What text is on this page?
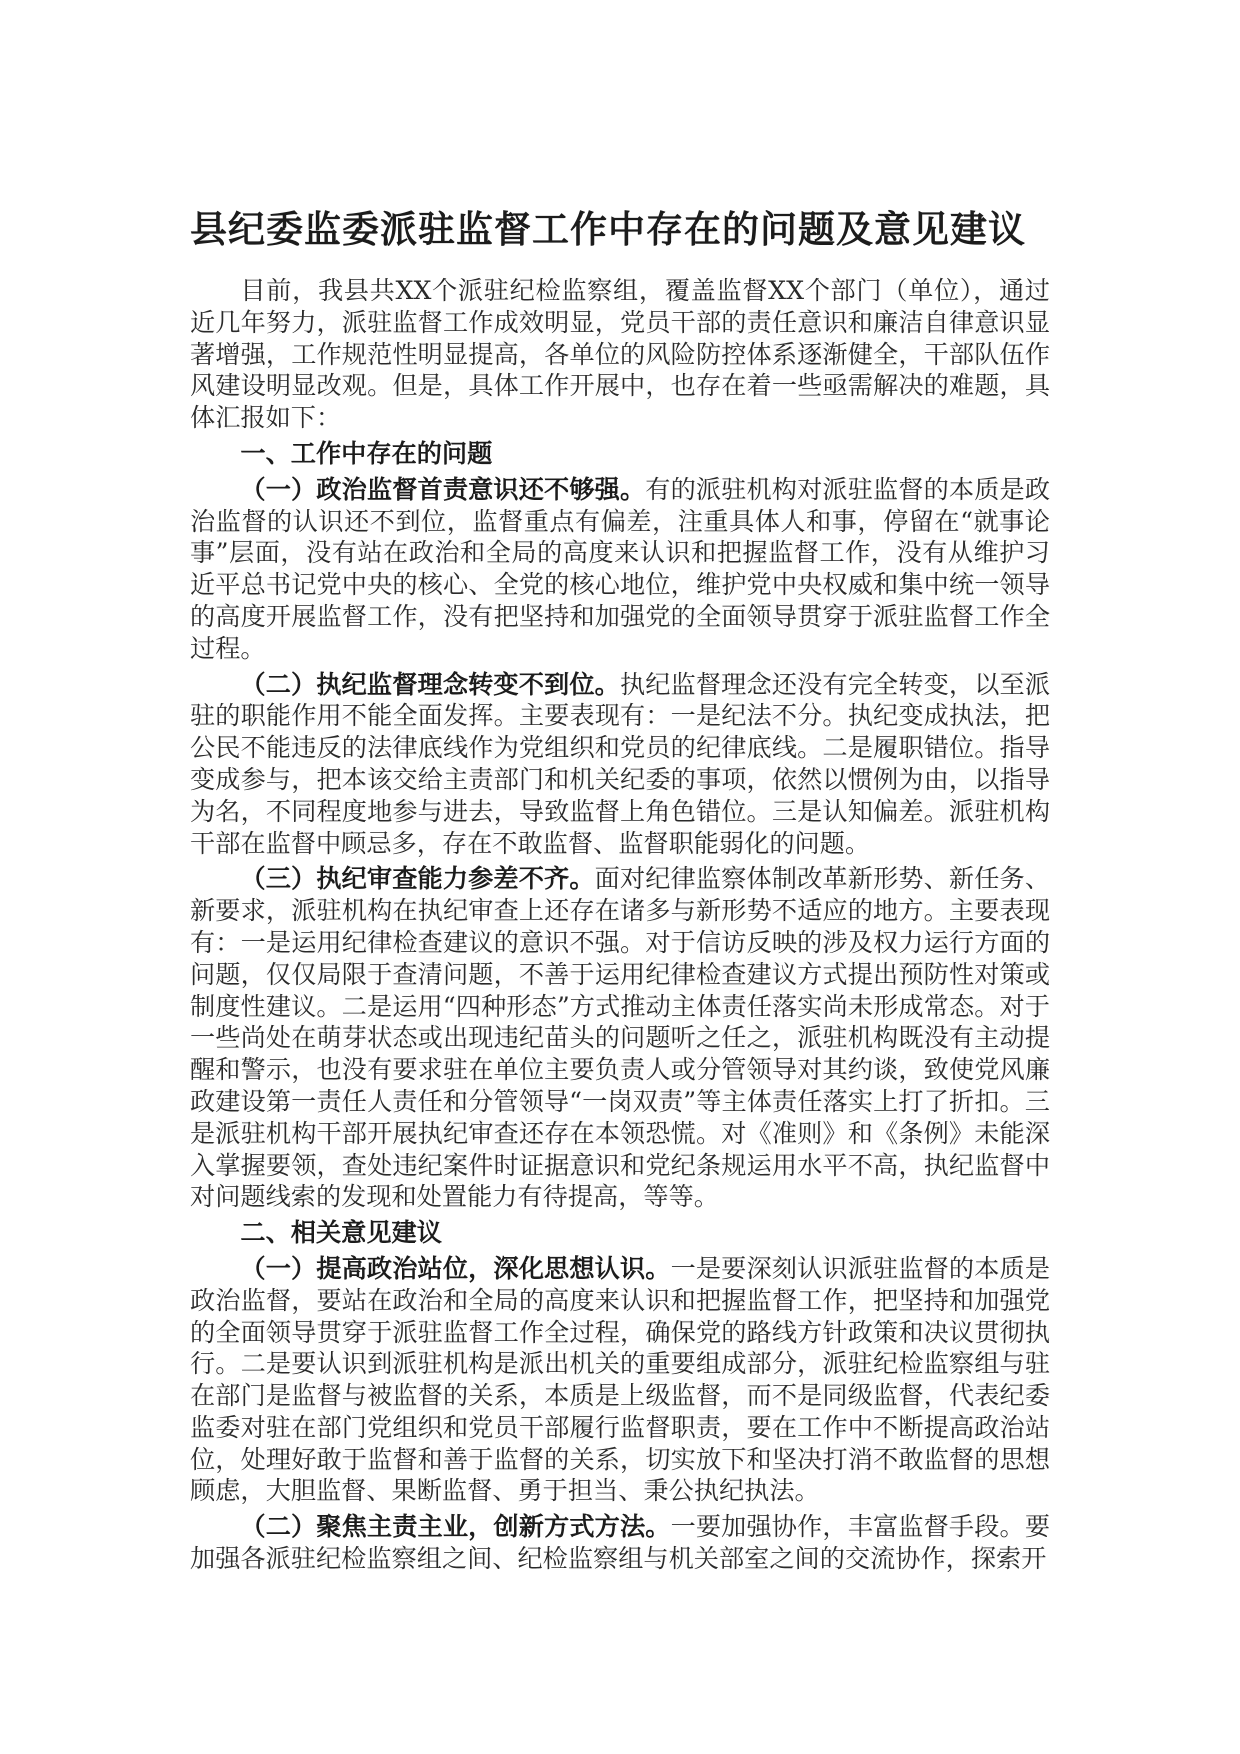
县纪委监委派驻监督工作中存在的问题及意见建议

目前，我县共XX个派驻纪检监察组，覆盖监督XX个部门（单位），通过近几年努力，派驻监督工作成效明显，党员干部的责任意识和廉洁自律意识显著增强，工作规范性明显提高，各单位的风险防控体系逐渐健全，干部队伍作风建设明显改观。但是，具体工作开展中，也存在着一些亟需解决的难题，具体汇报如下：

一、工作中存在的问题

（一）政治监督首责意识还不够强。有的派驻机构对派驻监督的本质是政治监督的认识还不到位，监督重点有偏差，注重具体人和事，停留在“就事论事”层面，没有站在政治和全局的高度来认识和把握监督工作，没有从维护习近平总书记党中央的核心、全党的核心地位，维护党中央权威和集中统一领导的高度开展监督工作，没有把坚持和加强党的全面领导贯穿于派驻监督工作全过程。

（二）执纪监督理念转变不到位。执纪监督理念还没有完全转变，以至派驻的职能作用不能全面发挥。主要表现有：一是纪法不分。执纪变成执法，把公民不能违反的法律底线作为党组织和党员的纪律底线。二是履职错位。指导变成参与，把本该交给主责部门和机关纪委的事项，依然以惯例为由，以指导为名，不同程度地参与进去，导致监督上角色错位。三是认知偏差。派驻机构干部在监督中顾忌多，存在不敢监督、监督职能弱化的问题。

（三）执纪审查能力参差不齐。面对纪律监察体制改革新形势、新任务、新要求，派驻机构在执纪审查上还存在诸多与新形势不适应的地方。主要表现有：一是运用纪律检查建议的意识不强。对于信访反映的涉及权力运行方面的问题，仅仅局限于查清问题，不善于运用纪律检查建议方式提出预防性对策或制度性建议。二是运用“四种形态”方式推动主体责任落实尚未形成常态。对于一些尚处在萌芽状态或出现违纪苗头的问题听之任之，派驻机构既没有主动提醒和警示，也没有要求驻在单位主要负责人或分管领导对其约谈，致使党风廉政建设第一责任人责任和分管领导“一岗双责”等主体责任落实上打了折扣。三是派驻机构干部开展执纪审查还存在本领恐慌。对《准则》和《条例》未能深入掌握要领，查处违纪案件时证据意识和党纪条规运用水平不高，执纪监督中对问题线索的发现和处置能力有待提高，等等。

二、相关意见建议

（一）提高政治站位，深化思想认识。一是要深刻认识派驻监督的本质是政治监督，要站在政治和全局的高度来认识和把握监督工作，把坚持和加强党的全面领导贯穿于派驻监督工作全过程，确保党的路线方针政策和决议贯彻执行。二是要认识到派驻机构是派出机关的重要组成部分，派驻纪检监察组与驻在部门是监督与被监督的关系，本质是上级监督，而不是同级监督，代表纪委监委对驻在部门党组织和党员干部履行监督职责，要在工作中不断提高政治站位，处理好敢于监督和善于监督的关系，切实放下和坚决打消不敢监督的思想顾虑，大胆监督、果断监督、勇于担当、秉公执纪执法。

（二）聚焦主责主业，创新方式方法。一要加强协作，丰富监督手段。要加强各派驻纪检监察组之间、纪检监察组与机关部室之间的交流协作，探索开
